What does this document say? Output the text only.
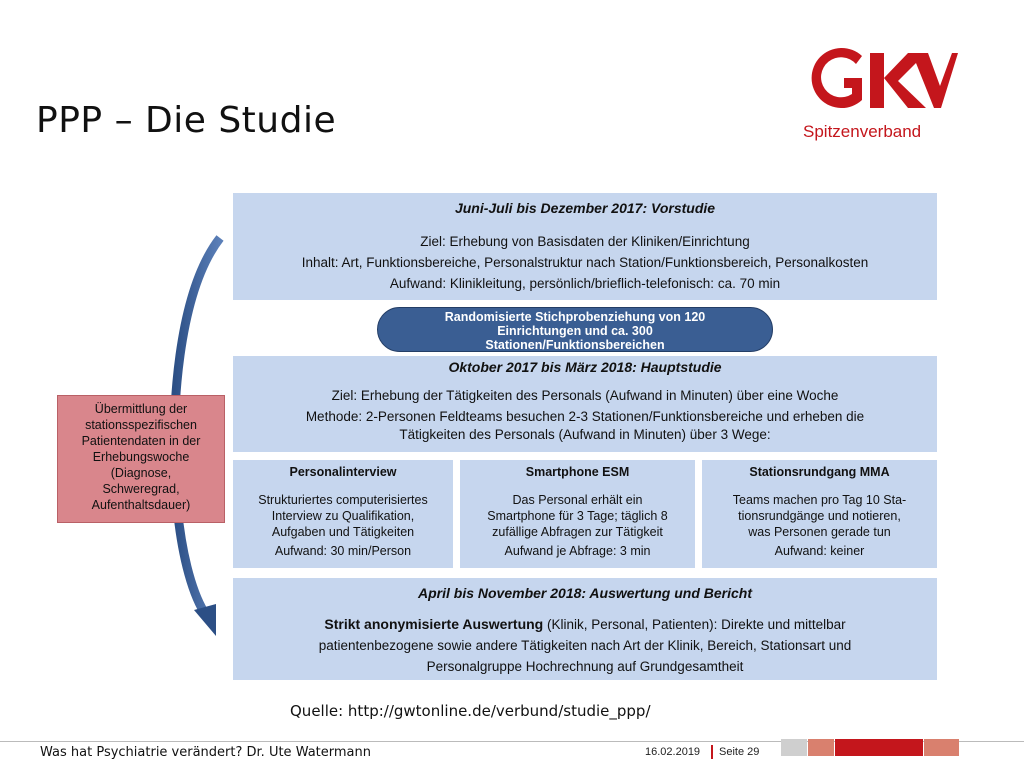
PPP – Die Studie	Spitzenverband
Juni-Juli bis Dezember 2017: Vorstudie
Ziel: Erhebung von Basisdaten der Kliniken/Einrichtung
Inhalt: Art, Funktionsbereiche, Personalstruktur nach Station/Funktionsbereich, Personalkosten
Aufwand: Klinikleitung, persönlich/brieflich-telefonisch: ca. 70 min
Randomisierte Stichprobenziehung von 120
Einrichtungen und ca. 300
Stationen/Funktionsbereichen
Oktober 2017 bis März 2018: Hauptstudie
Ziel: Erhebung der Tätigkeiten des Personals (Aufwand in Minuten) über eine Woche
Methode: 2-Personen Feldteams besuchen 2-3 Stationen/Funktionsbereiche und erheben die
Tätigkeiten des Personals (Aufwand in Minuten) über 3 Wege:
Personalinterview
Strukturiertes computerisiertes
Interview zu Qualifikation,
Aufgaben und Tätigkeiten
Aufwand: 30 min/Person
Smartphone ESM
Das Personal erhält ein
Smartphone für 3 Tage; täglich 8
zufällige Abfragen zur Tätigkeit
Aufwand je Abfrage: 3 min
Stationsrundgang MMA
Teams machen pro Tag 10 Sta-
tionsrundgänge und notieren,
was Personen gerade tun
Aufwand: keiner
April bis November 2018: Auswertung und Bericht
Strikt anonymisierte Auswertung (Klinik, Personal, Patienten): Direkte und mittelbar
patientenbezogene sowie andere Tätigkeiten nach Art der Klinik, Bereich, Stationsart und
Personalgruppe Hochrechnung auf Grundgesamtheit
Übermittlung der
stationsspezifischen
Patientendaten in der
Erhebungswoche
(Diagnose,
Schweregrad,
Aufenthaltsdauer)
Quelle: http://gwtonline.de/verbund/studie_ppp/
Was hat Psychiatrie verändert? Dr. Ute Watermann	16.02.2019 Seite 29
